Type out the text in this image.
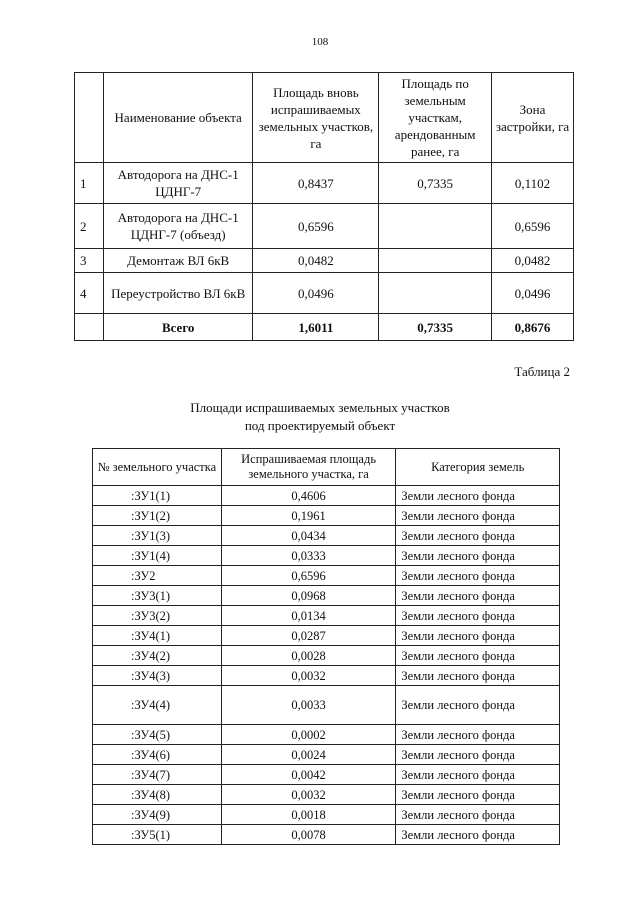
108
	Наименование объекта	Площадь вновь испрашиваемых земельных участков, га	Площадь по земельным участкам, арендованным ранее, га	Зона застройки, га
1	Автодорога на ДНС-1 ЦДНГ-7	0,8437	0,7335	0,1102
2	Автодорога на ДНС-1 ЦДНГ-7 (объезд)	0,6596		0,6596
3	Демонтаж ВЛ 6кВ	0,0482		0,0482
4	Переустройство ВЛ 6кВ	0,0496		0,0496
	Всего	1,6011	0,7335	0,8676
Таблица 2
Площади испрашиваемых земельных участков
под проектируемый объект
№ земельного участка	Испрашиваемая площадь земельного участка, га	Категория земель
:ЗУ1(1)	0,4606	Земли лесного фонда
:ЗУ1(2)	0,1961	Земли лесного фонда
:ЗУ1(3)	0,0434	Земли лесного фонда
:ЗУ1(4)	0,0333	Земли лесного фонда
:ЗУ2	0,6596	Земли лесного фонда
:ЗУ3(1)	0,0968	Земли лесного фонда
:ЗУ3(2)	0,0134	Земли лесного фонда
:ЗУ4(1)	0,0287	Земли лесного фонда
:ЗУ4(2)	0,0028	Земли лесного фонда
:ЗУ4(3)	0,0032	Земли лесного фонда
:ЗУ4(4)	0,0033	Земли лесного фонда
:ЗУ4(5)	0,0002	Земли лесного фонда
:ЗУ4(6)	0,0024	Земли лесного фонда
:ЗУ4(7)	0,0042	Земли лесного фонда
:ЗУ4(8)	0,0032	Земли лесного фонда
:ЗУ4(9)	0,0018	Земли лесного фонда
:ЗУ5(1)	0,0078	Земли лесного фонда
